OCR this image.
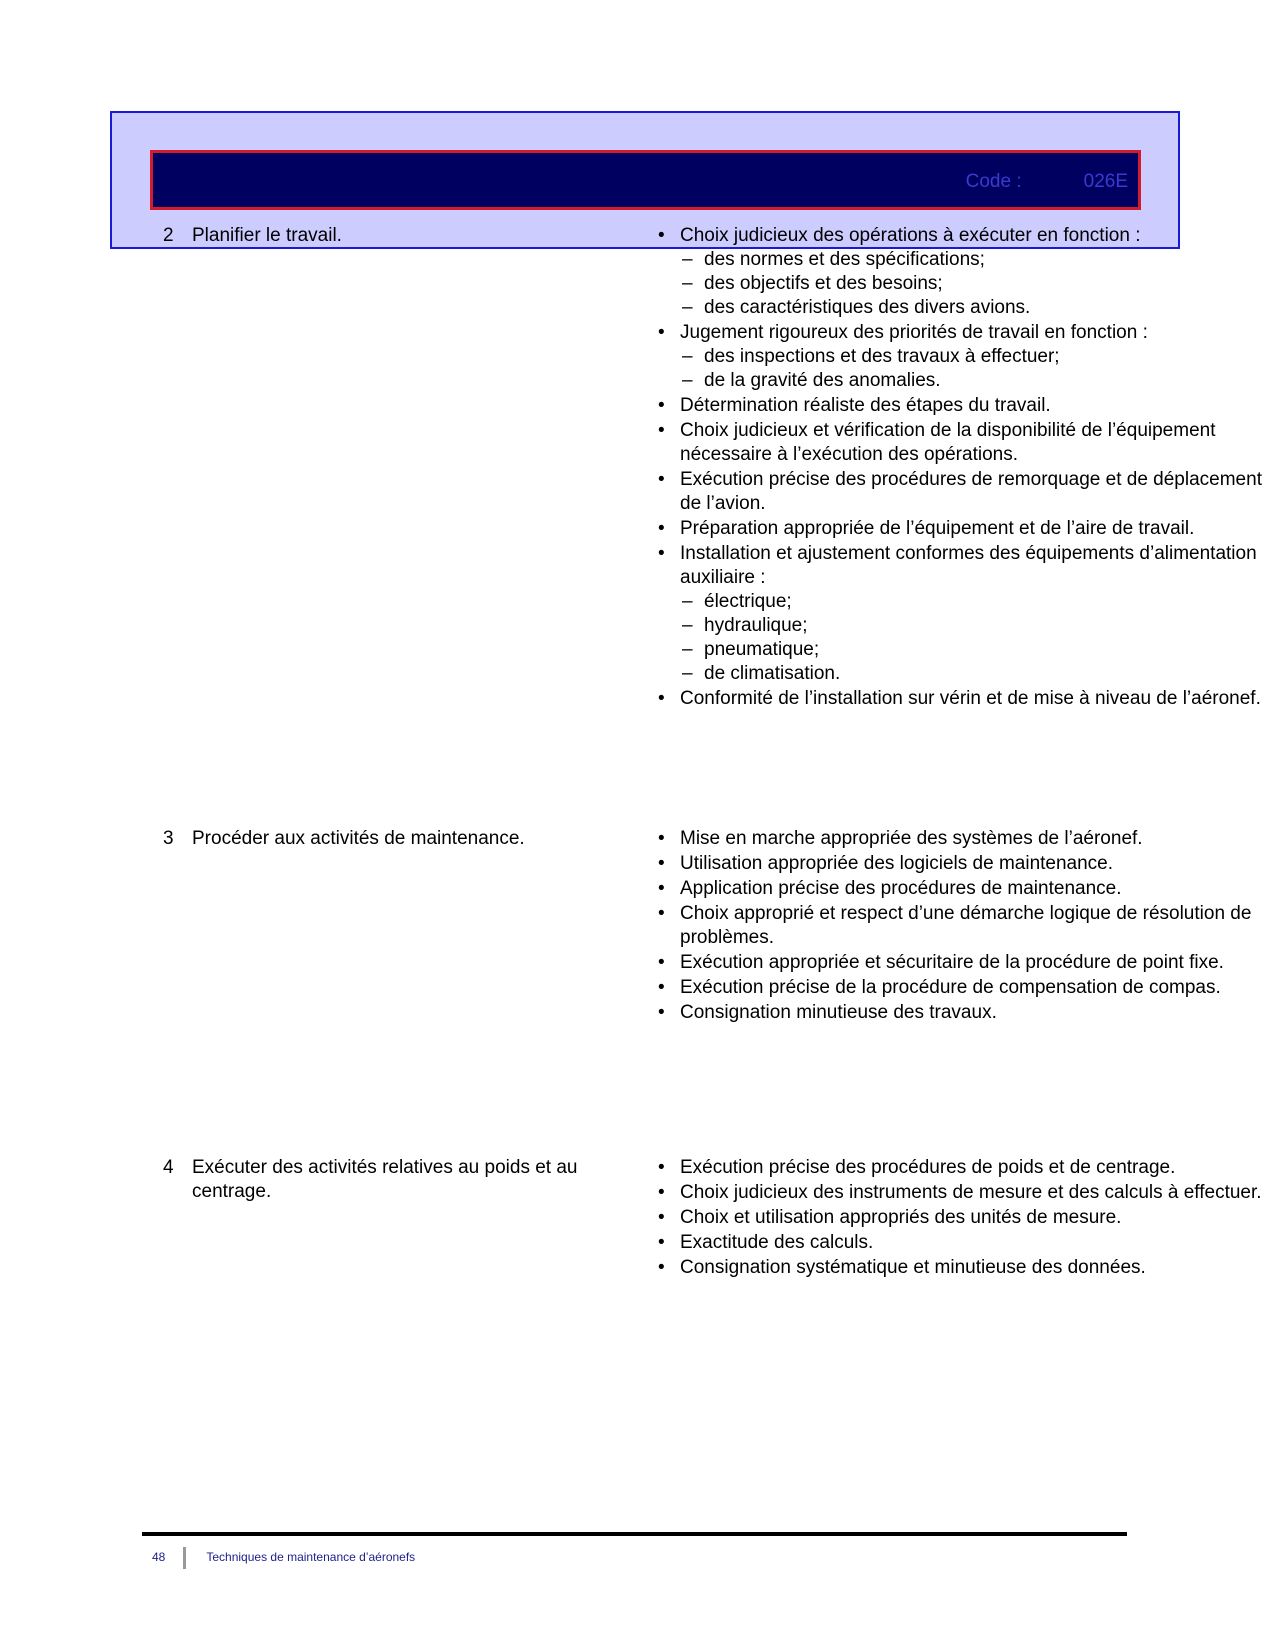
Code :	026E
2 Planifier le travail.	• Choix judicieux des opérations à exécuter en fonction :
– des normes et des spécifications;
– des objectifs et des besoins;
– des caractéristiques des divers avions.
• Jugement rigoureux des priorités de travail en fonction :
– des inspections et des travaux à effectuer;
– de la gravité des anomalies.
• Détermination réaliste des étapes du travail.
• Choix judicieux et vérification de la disponibilité de l’équipement nécessaire à l’exécution des opérations.
• Exécution précise des procédures de remorquage et de déplacement de l’avion.
• Préparation appropriée de l’équipement et de l’aire de travail.
• Installation et ajustement conformes des équipements d’alimentation auxiliaire :
– électrique;
– hydraulique;
– pneumatique;
– de climatisation.
• Conformité de l’installation sur vérin et de mise à niveau de l’aéronef.
3 Procéder aux activités de maintenance.	• Mise en marche appropriée des systèmes de l’aéronef.
• Utilisation appropriée des logiciels de maintenance.
• Application précise des procédures de maintenance.
• Choix approprié et respect d’une démarche logique de résolution de problèmes.
• Exécution appropriée et sécuritaire de la procédure de point fixe.
• Exécution précise de la procédure de compensation de compas.
• Consignation minutieuse des travaux.
4 Exécuter des activités relatives au poids et au centrage.
• Exécution précise des procédures de poids et de centrage.
• Choix judicieux des instruments de mesure et des calculs à effectuer.
• Choix et utilisation appropriés des unités de mesure.
• Exactitude des calculs.
• Consignation systématique et minutieuse des données.
48	Techniques de maintenance d’aéronefs
